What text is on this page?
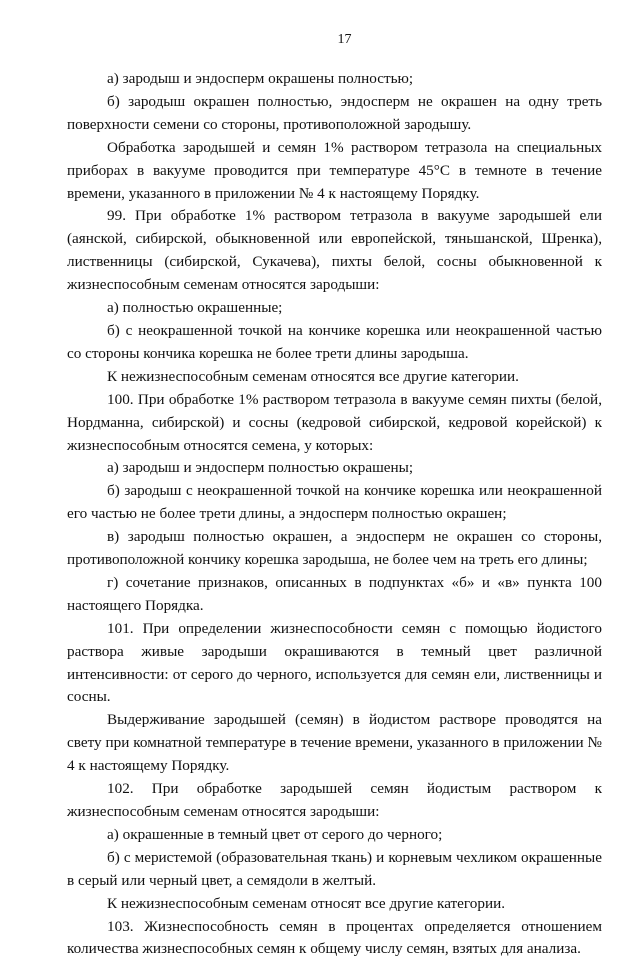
17

а) зародыш и эндосперм окрашены полностью;

б) зародыш окрашен полностью, эндосперм не окрашен на одну треть поверхности семени со стороны, противоположной зародышу.

Обработка зародышей и семян 1% раствором тетразола на специальных приборах в вакууме проводится при температуре 45°С в темноте в течение времени, указанного в приложении № 4 к настоящему Порядку.

99. При обработке 1% раствором тетразола в вакууме зародышей ели (аянской, сибирской, обыкновенной или европейской, тяньшанской, Шренка), лиственницы (сибирской, Сукачева), пихты белой, сосны обыкновенной к жизнеспособным семенам относятся зародыши:

а) полностью окрашенные;

б) с неокрашенной точкой на кончике корешка или неокрашенной частью со стороны кончика корешка не более трети длины зародыша.

К нежизнеспособным семенам относятся все другие категории.

100. При обработке 1% раствором тетразола в вакууме семян пихты (белой, Нордманна, сибирской) и сосны (кедровой сибирской, кедровой корейской) к жизнеспособным относятся семена, у которых:

а) зародыш и эндосперм полностью окрашены;

б) зародыш с неокрашенной точкой на кончике корешка или неокрашенной его частью не более трети длины, а эндосперм полностью окрашен;

в) зародыш полностью окрашен, а эндосперм не окрашен со стороны, противоположной кончику корешка зародыша, не более чем на треть его длины;

г) сочетание признаков, описанных в подпунктах «б» и «в» пункта 100 настоящего Порядка.

101. При определении жизнеспособности семян с помощью йодистого раствора живые зародыши окрашиваются в темный цвет различной интенсивности: от серого до черного, используется для семян ели, лиственницы и сосны.

Выдерживание зародышей (семян) в йодистом растворе проводятся на свету при комнатной температуре в течение времени, указанного в приложении № 4 к настоящему Порядку.

102. При обработке зародышей семян йодистым раствором к жизнеспособным семенам относятся зародыши:

а) окрашенные в темный цвет от серого до черного;

б) с меристемой (образовательная ткань) и корневым чехликом окрашенные в серый или черный цвет, а семядоли в желтый.

К нежизнеспособным семенам относят все другие категории.

103. Жизнеспособность семян в процентах определяется отношением количества жизнеспособных семян к общему числу семян, взятых для анализа.
